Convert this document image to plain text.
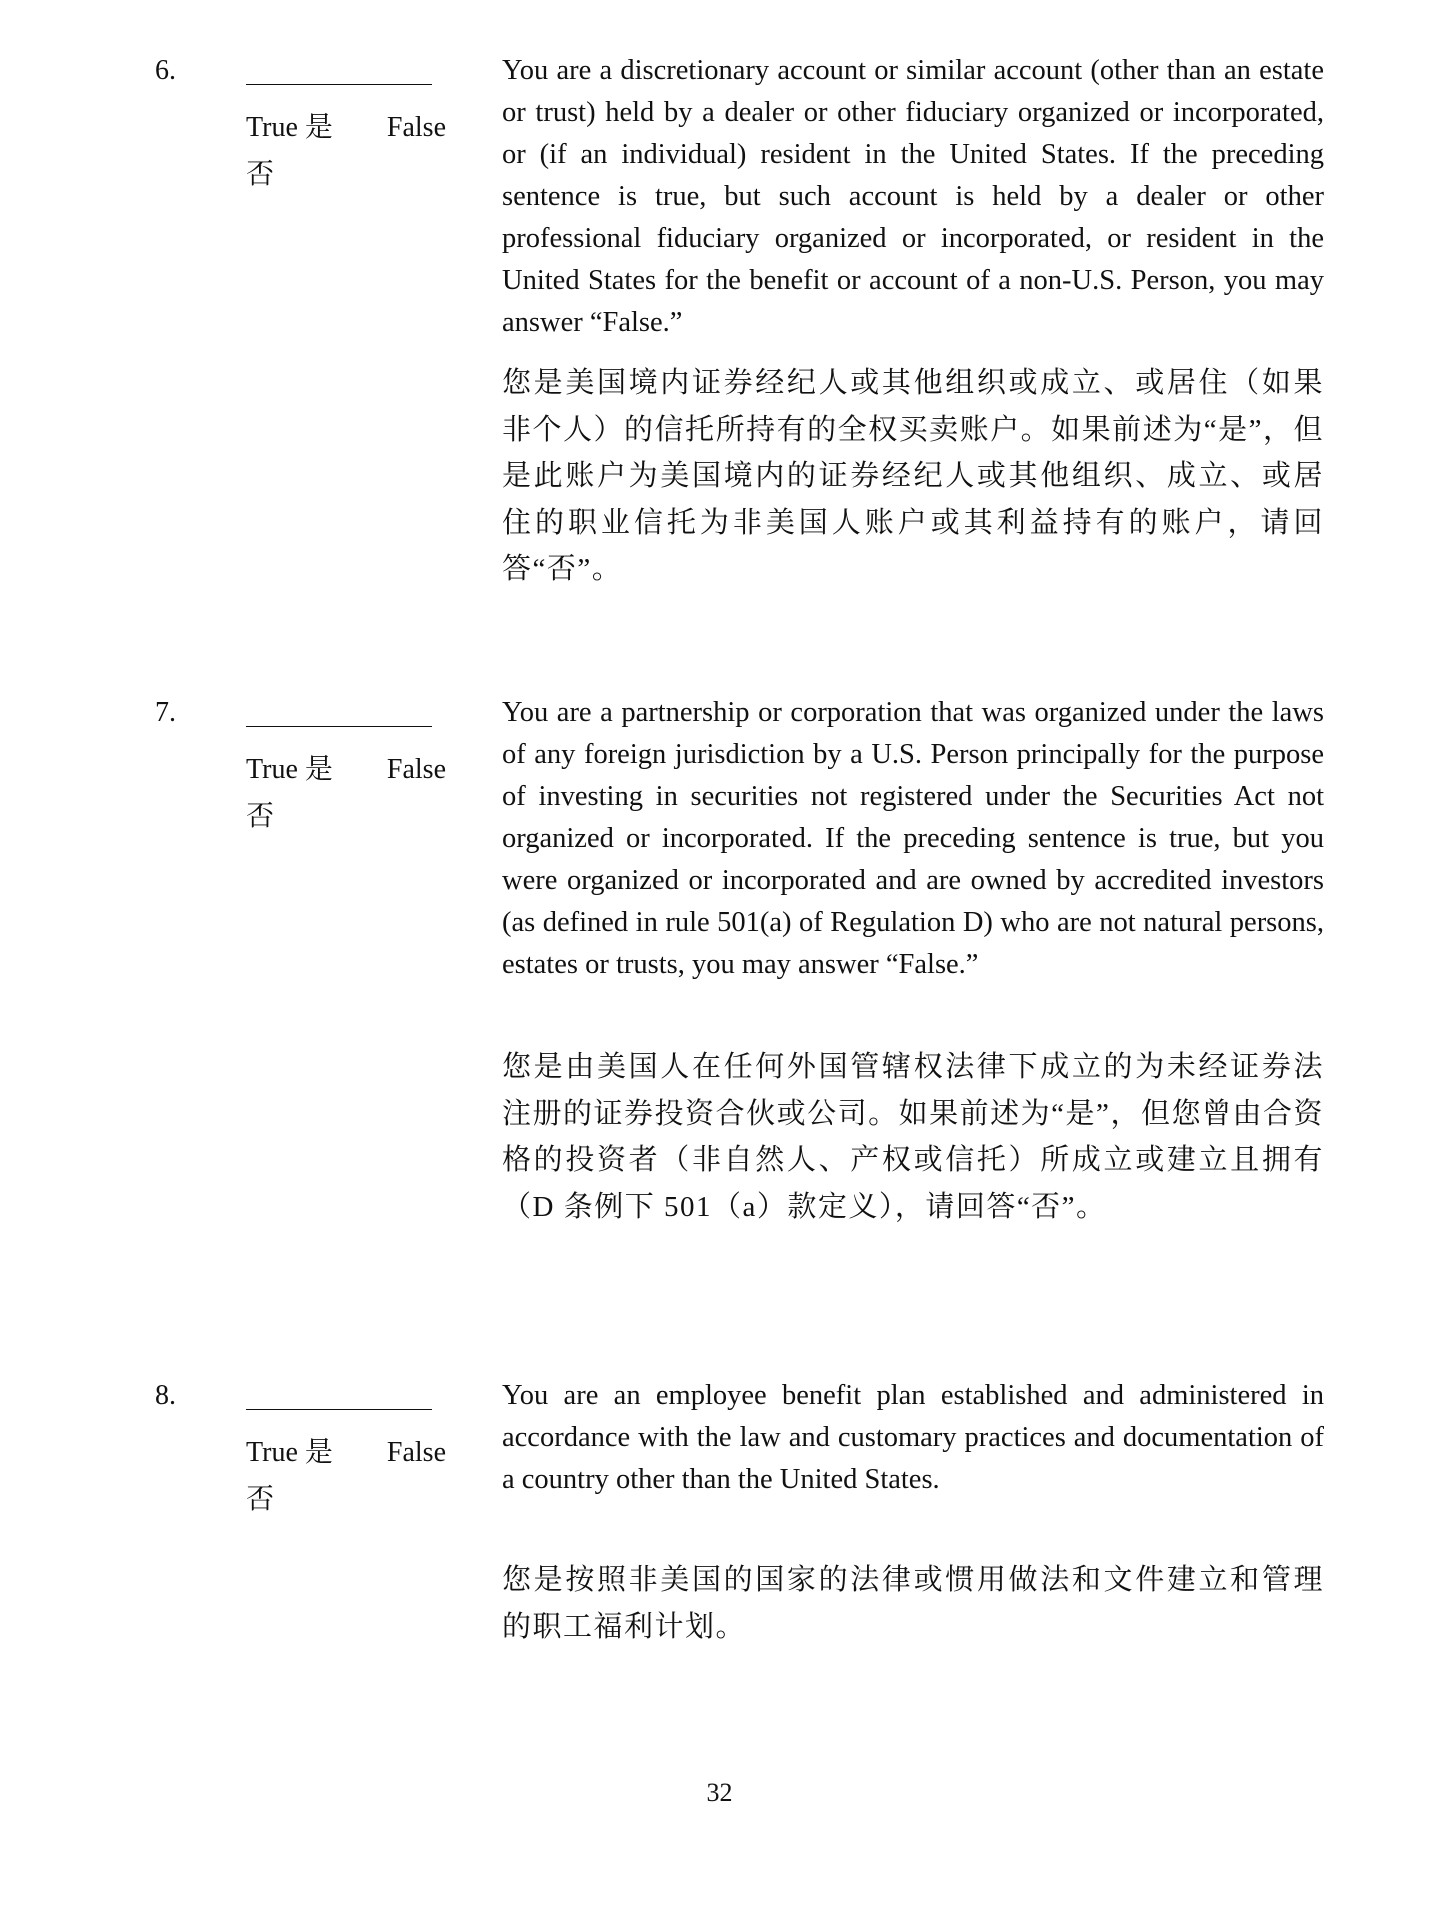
6.
True 是 False
否

You are a discretionary account or similar account (other than an estate or trust) held by a dealer or other fiduciary organized or incorporated, or (if an individual) resident in the United States. If the preceding sentence is true, but such account is held by a dealer or other professional fiduciary organized or incorporated, or resident in the United States for the benefit or account of a non-U.S. Person, you may answer “False.”

您是美国境内证券经纪人或其他组织或成立、或居住（如果非个人）的信托所持有的全权买卖账户。如果前述为“是”，但是此账户为美国境内的证券经纪人或其他组织、成立、或居住的职业信托为非美国人账户或其利益持有的账户，请回答“否”。

7.
True 是 False
否

You are a partnership or corporation that was organized under the laws of any foreign jurisdiction by a U.S. Person principally for the purpose of investing in securities not registered under the Securities Act not organized or incorporated. If the preceding sentence is true, but you were organized or incorporated and are owned by accredited investors (as defined in rule 501(a) of Regulation D) who are not natural persons, estates or trusts, you may answer “False.”

您是由美国人在任何外国管辖权法律下成立的为未经证券法注册的证券投资合伙或公司。如果前述为“是”，但您曾由合资格的投资者（非自然人、产权或信托）所成立或建立且拥有（D 条例下 501（a）款定义），请回答“否”。

8.
True 是 False
否

You are an employee benefit plan established and administered in accordance with the law and customary practices and documentation of a country other than the United States.

您是按照非美国的国家的法律或惯用做法和文件建立和管理的职工福利计划。

32
